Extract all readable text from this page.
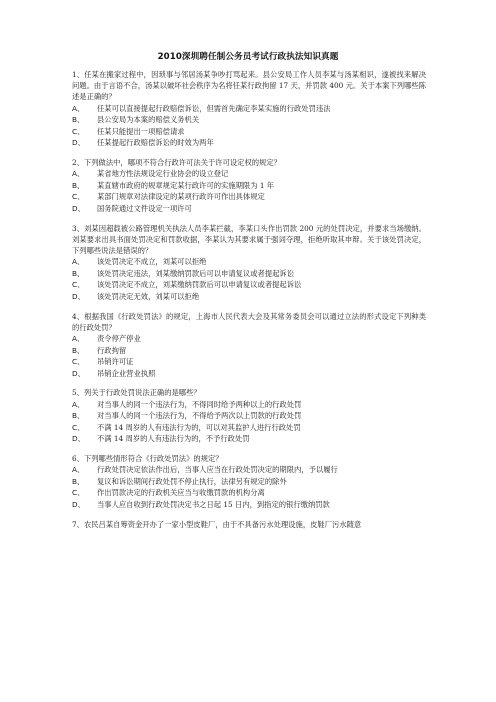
2010深圳聘任制公务员考试行政执法知识真题

1、任某在搬家过程中，因琐事与邻居汤某争吵打骂起来。县公安局工作人员李某与汤某相识，遂被找来解决问题。由于言语不合，汤某以破坏社会秩序为名将任某行政拘留 17 天，并罚款 400 元。关于本案下列哪些陈述是正确的？

A、	任某可以直接提起行政赔偿诉讼，但需首先确定李某实施的行政处罚违法
B、	县公安局为本案的赔偿义务机关
C、	任某只能提出一项赔偿请求
D、	任某提起行政赔偿诉讼的时效为两年

2、下列做法中，哪项不符合行政许可法关于许可设定权的规定？

A、	某省地方性法规设定行业协会的设立登记
B、	某直辖市政府的规章规定某行政许可的实施期限为 1 年
C、	某部门规章对法律设定的某项行政许可作出具体规定
D、	国务院通过文件设定一项许可

3、刘某因超载被公路管理机关执法人员李某拦截，李某口头作出罚款 200 元的处罚决定，并要求当场缴纳。刘某要求出具书面处罚决定和罚款收据，李某认为其要求属于强词夺理，拒绝听取其申辩。关于该处罚决定，下列哪些说法是错误的？

A、	该处罚决定不成立，刘某可以拒绝
B、	该处罚决定违法，刘某缴纳罚款后可以申请复议或者提起诉讼
C、	该处罚决定不成立，刘某缴纳罚款后可以申请复议或者提起诉讼
D、	该处罚决定无效，刘某可以拒绝

4、根据我国《行政处罚法》的规定，上海市人民代表大会及其常务委员会可以通过立法的形式设定下列种类的行政处罚？

A、	责令停产停业
B、	行政拘留
C、	吊销许可证
D、	吊销企业营业执照

5、列关于行政处罚说法正确的是哪些？

A、	对当事人的同一个违法行为，不得同时给予两种以上的行政处罚
B、	对当事人的同一个违法行为，不得给予两次以上罚款的行政处罚
C、	不满 14 周岁的人有违法行为的，可以对其监护人进行行政处罚
D、	不满 14 周岁的人有违法行为的，不予行政处罚

6、下列哪些情形符合《行政处罚法》的规定？

A、	行政处罚决定依法作出后，当事人应当在行政处罚决定的期限内，予以履行
B、	复议和诉讼期间行政处罚不停止执行，法律另有规定的除外
C、	作出罚款决定的行政机关应当与收缴罚款的机构分离
D、	当事人应自收到行政处罚决定书之日起 15 日内，到指定的银行缴纳罚款

7、农民吕某自筹资金开办了一家小型皮鞋厂，由于不具备污水处理设施，皮鞋厂污水随意
